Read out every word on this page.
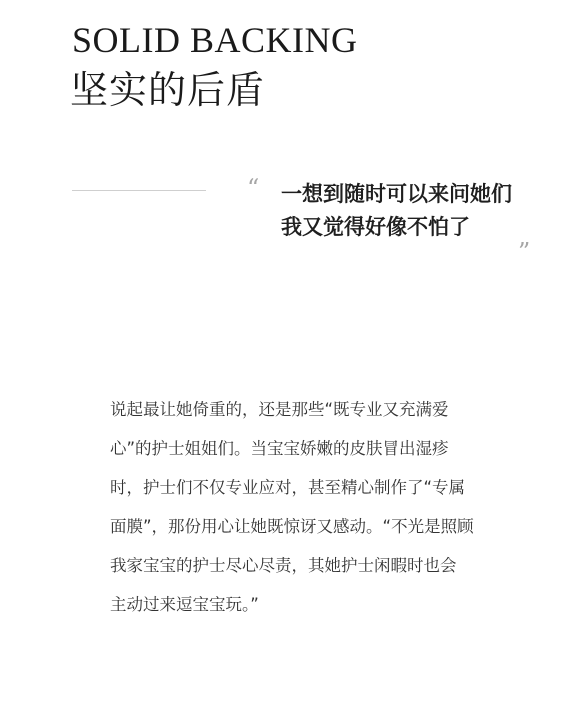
SOLID BACKING
坚实的后盾
“ 一想到随时可以来问她们
我又觉得好像不怕了
”
说起最让她倚重的，还是那些“既专业又充满爱
心”的护士姐姐们。当宝宝娇嫩的皮肤冒出湿疹
时，护士们不仅专业应对，甚至精心制作了“专属
面膜”，那份用心让她既惊讶又感动。“不光是照顾
我家宝宝的护士尽心尽责，其她护士闲暇时也会
主动过来逗宝宝玩。”
